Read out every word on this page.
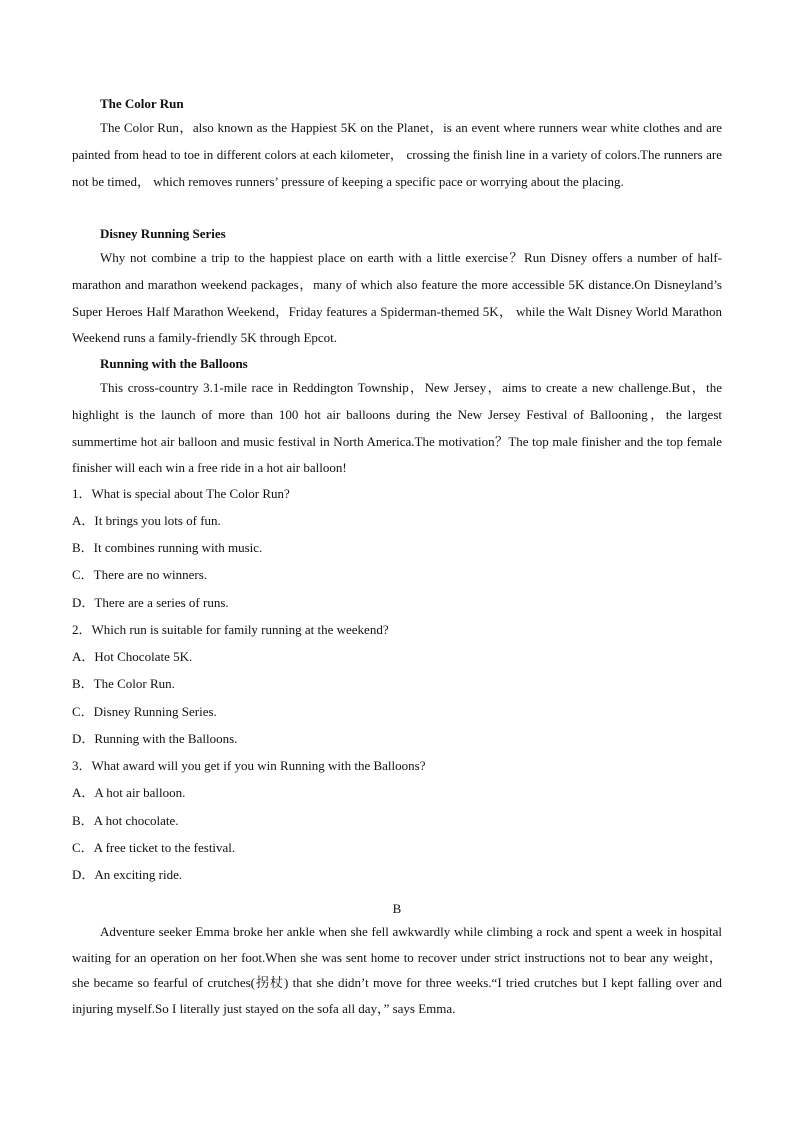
The Color Run

The Color Run，also known as the Happiest 5K on the Planet，is an event where runners wear white clothes and are painted from head to toe in different colors at each kilometer， crossing the finish line in a variety of colors.The runners are not be timed， which removes runners’ pressure of keeping a specific pace or worrying about the placing.

Disney Running Series

Why not combine a trip to the happiest place on earth with a little exercise？Run Disney offers a number of half-marathon and marathon weekend packages，many of which also feature the more accessible 5K distance.On Disneyland’s Super Heroes Half Marathon Weekend，Friday features a Spiderman-themed 5K， while the Walt Disney World Marathon Weekend runs a family-friendly 5K through Epcot.

Running with the Balloons

This cross-country 3.1-mile race in Reddington Township，New Jersey，aims to create a new challenge.But，the highlight is the launch of more than 100 hot air balloons during the New Jersey Festival of Ballooning，the largest summertime hot air balloon and music festival in North America.The motivation？The top male finisher and the top female finisher will each win a free ride in a hot air balloon!

1．What is special about The Color Run?

A．It brings you lots of fun.

B．It combines running with music.

C．There are no winners.

D．There are a series of runs.

2．Which run is suitable for family running at the weekend?

A．Hot Chocolate 5K.

B．The Color Run.

C．Disney Running Series.

D．Running with the Balloons.

3．What award will you get if you win Running with the Balloons?

A．A hot air balloon.

B．A hot chocolate.

C．A free ticket to the festival.

D．An exciting ride.

B

Adventure seeker Emma broke her ankle when she fell awkwardly while climbing a rock and spent a week in hospital waiting for an operation on her foot.When she was sent home to recover under strict instructions not to bear any weight，she became so fearful of crutches(拐杖) that she didn’t move for three weeks.“I tried crutches but I kept falling over and injuring myself.So I literally just stayed on the sofa all day，” says Emma.
